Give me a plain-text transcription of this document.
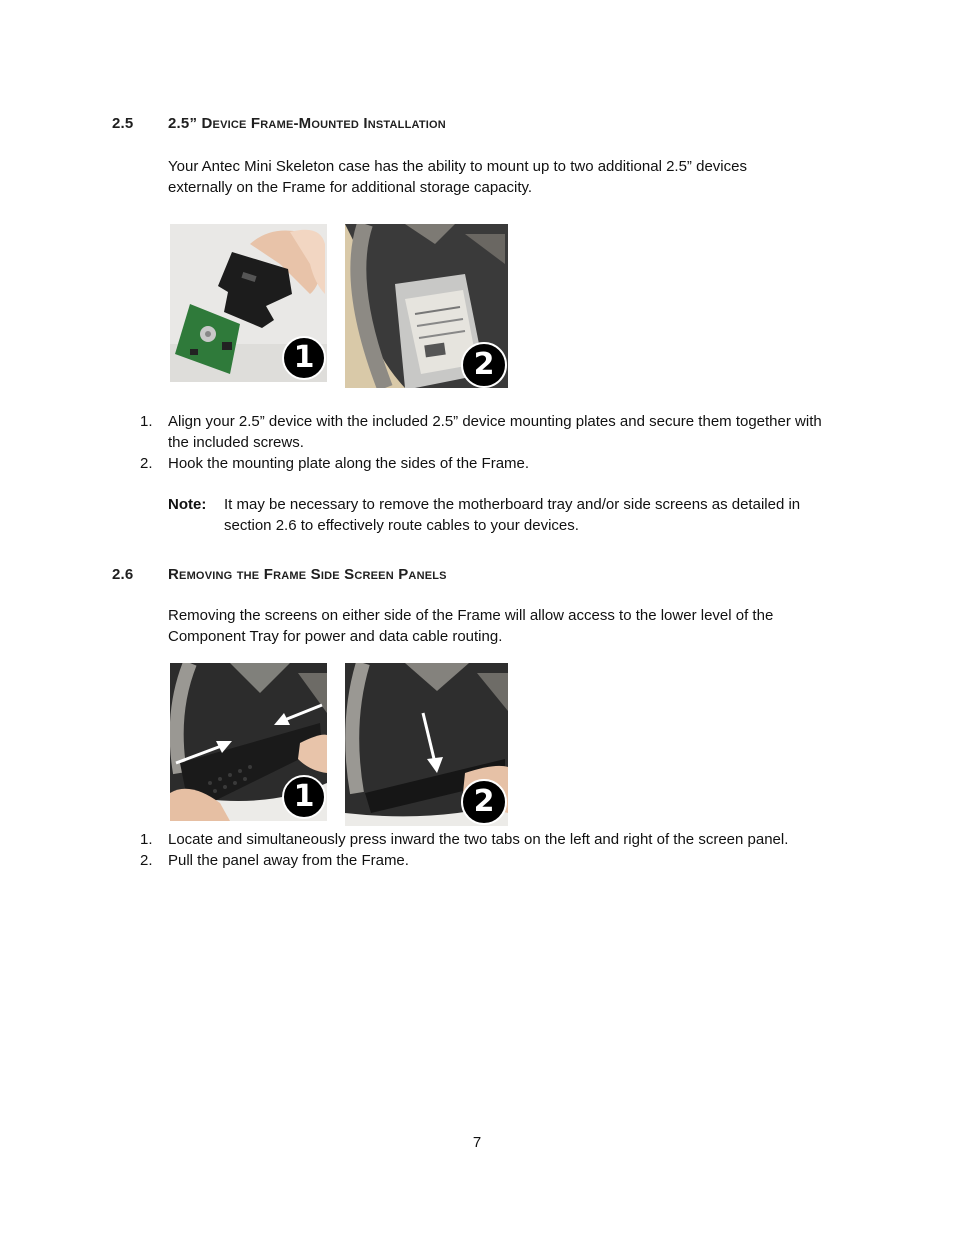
2.5 2.5” Device Frame-Mounted Installation
Your Antec Mini Skeleton case has the ability to mount up to two additional 2.5” devices externally on the Frame for additional storage capacity.
1	2
1. Align your 2.5” device with the included 2.5” device mounting plates and secure them together with the included screws.
2. Hook the mounting plate along the sides of the Frame.
Note: It may be necessary to remove the motherboard tray and/or side screens as detailed in section 2.6 to effectively route cables to your devices.
2.6 Removing the Frame Side Screen Panels
Removing the screens on either side of the Frame will allow access to the lower level of the Component Tray for power and data cable routing.
1	2
1. Locate and simultaneously press inward the two tabs on the left and right of the screen panel.
2. Pull the panel away from the Frame.
7
